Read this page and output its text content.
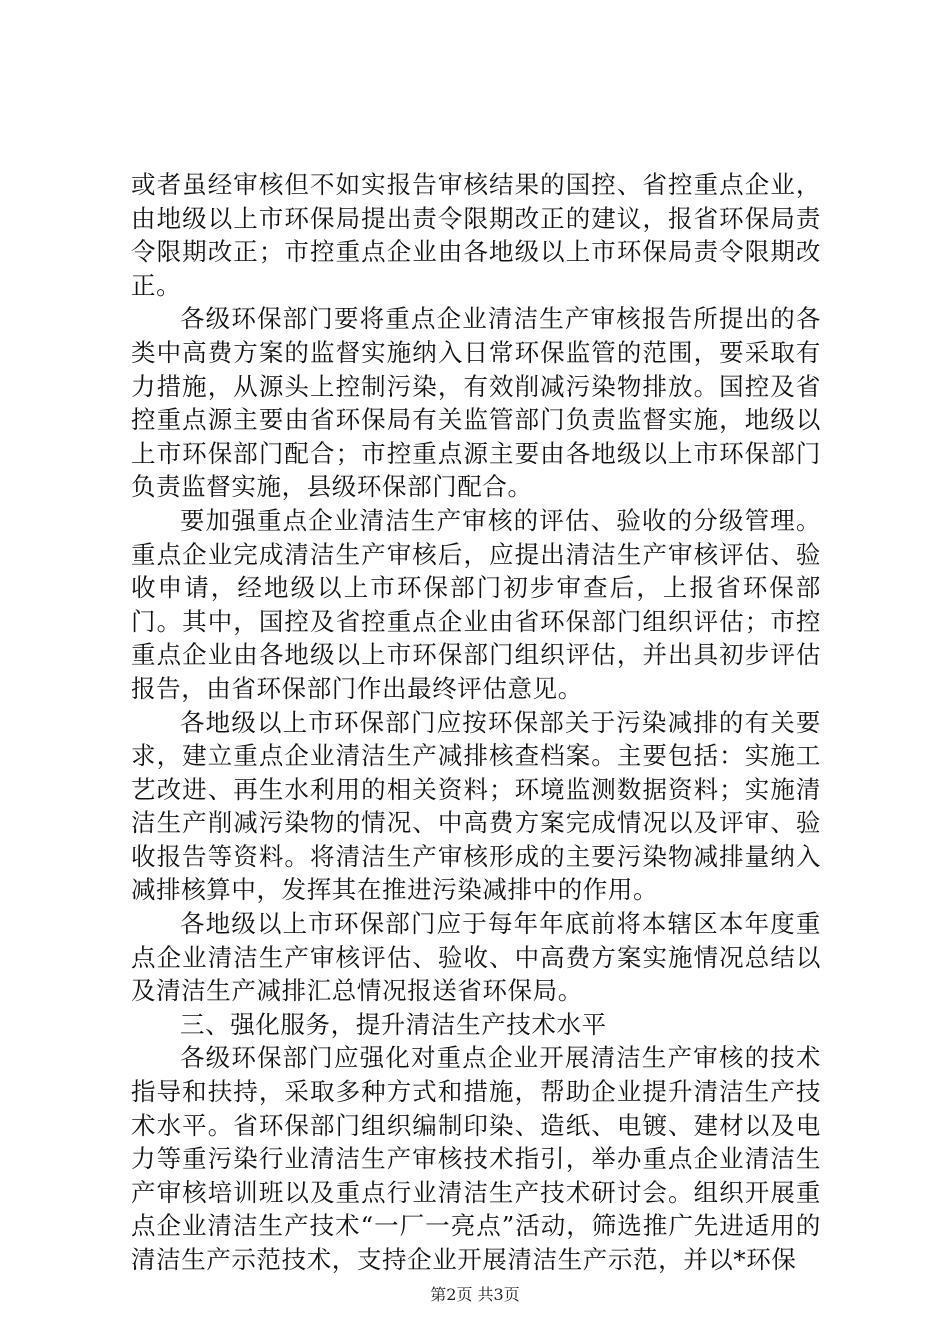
或者虽经审核但不如实报告审核结果的国控、省控重点企业，由地级以上市环保局提出责令限期改正的建议，报省环保局责令限期改正；市控重点企业由各地级以上市环保局责令限期改正。

各级环保部门要将重点企业清洁生产审核报告所提出的各类中高费方案的监督实施纳入日常环保监管的范围，要采取有力措施，从源头上控制污染，有效削减污染物排放。国控及省控重点源主要由省环保局有关监管部门负责监督实施，地级以上市环保部门配合；市控重点源主要由各地级以上市环保部门负责监督实施，县级环保部门配合。

要加强重点企业清洁生产审核的评估、验收的分级管理。重点企业完成清洁生产审核后，应提出清洁生产审核评估、验收申请，经地级以上市环保部门初步审查后，上报省环保部门。其中，国控及省控重点企业由省环保部门组织评估；市控重点企业由各地级以上市环保部门组织评估，并出具初步评估报告，由省环保部门作出最终评估意见。

各地级以上市环保部门应按环保部关于污染减排的有关要求，建立重点企业清洁生产减排核查档案。主要包括：实施工艺改进、再生水利用的相关资料；环境监测数据资料；实施清洁生产削减污染物的情况、中高费方案完成情况以及评审、验收报告等资料。将清洁生产审核形成的主要污染物减排量纳入减排核算中，发挥其在推进污染减排中的作用。

各地级以上市环保部门应于每年年底前将本辖区本年度重点企业清洁生产审核评估、验收、中高费方案实施情况总结以及清洁生产减排汇总情况报送省环保局。

三、强化服务，提升清洁生产技术水平

各级环保部门应强化对重点企业开展清洁生产审核的技术指导和扶持，采取多种方式和措施，帮助企业提升清洁生产技术水平。省环保部门组织编制印染、造纸、电镀、建材以及电力等重污染行业清洁生产审核技术指引，举办重点企业清洁生产审核培训班以及重点行业清洁生产技术研讨会。组织开展重点企业清洁生产技术“一厂一亮点”活动，筛选推广先进适用的清洁生产示范技术，支持企业开展清洁生产示范，并以*环保

第2页 共3页
